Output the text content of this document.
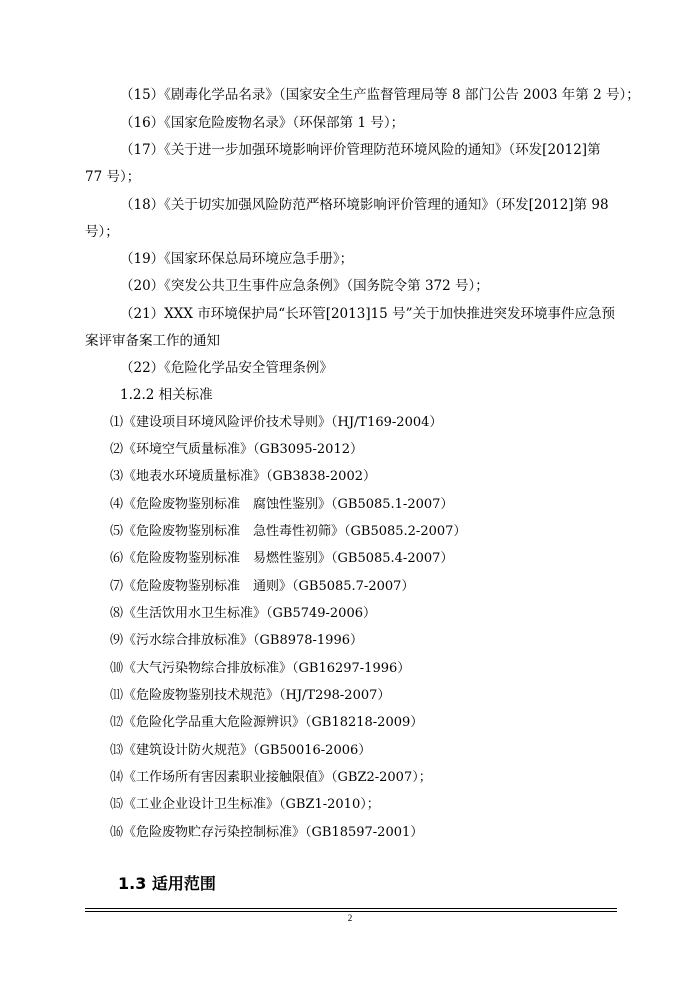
（15）《剧毒化学品名录》（国家安全生产监督管理局等 8 部门公告 2003 年第 2 号）；

（16）《国家危险废物名录》（环保部第 1 号）；

（17）《关于进一步加强环境影响评价管理防范环境风险的通知》（环发[2012]第

77 号）；

（18）《关于切实加强风险防范严格环境影响评价管理的通知》（环发[2012]第 98

号）；

（19）《国家环保总局环境应急手册》；

（20）《突发公共卫生事件应急条例》（国务院令第 372 号）；

（21）XXX 市环境保护局“长环管[2013]15 号”关于加快推进突发环境事件应急预

案评审备案工作的通知

（22）《危险化学品安全管理条例》

1.2.2 相关标准

⑴《建设项目环境风险评价技术导则》（HJ/T169-2004）

⑵《环境空气质量标准》（GB3095-2012）

⑶《地表水环境质量标准》（GB3838-2002）

⑷《危险废物鉴别标准　腐蚀性鉴别》（GB5085.1-2007）

⑸《危险废物鉴别标准　急性毒性初筛》（GB5085.2-2007）

⑹《危险废物鉴别标准　易燃性鉴别》（GB5085.4-2007）

⑺《危险废物鉴别标准　通则》（GB5085.7-2007）

⑻《生活饮用水卫生标准》（GB5749-2006）

⑼《污水综合排放标准》（GB8978-1996）

⑽《大气污染物综合排放标准》（GB16297-1996）

⑾《危险废物鉴别技术规范》（HJ/T298-2007）

⑿《危险化学品重大危险源辨识》（GB18218-2009）

⒀《建筑设计防火规范》（GB50016-2006）

⒁《工作场所有害因素职业接触限值》（GBZ2-2007）；

⒂《工业企业设计卫生标准》（GBZ1-2010）；

⒃《危险废物贮存污染控制标准》（GB18597-2001）

1.3 适用范围

2
